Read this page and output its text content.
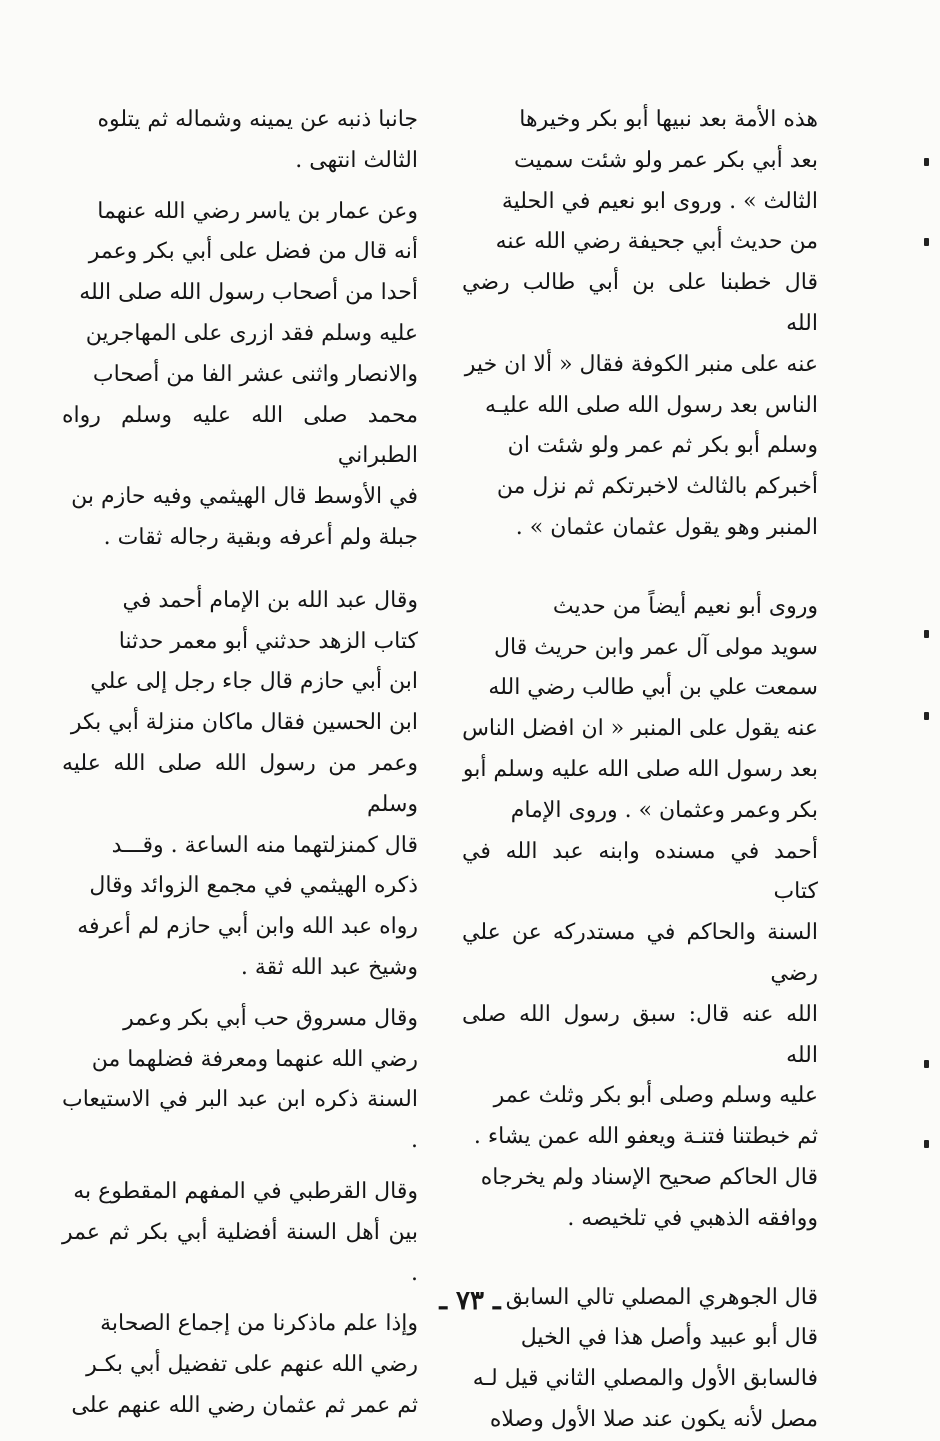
هذه الأمة بعد نبيها أبو بكر وخيرها
بعد أبي بكر عمر ولو شئت سميت
الثالث » . وروى ابو نعيم في الحلية
من حديث أبي جحيفة رضي الله عنه
قال خطبنا على بن أبي طالب رضي الله
عنه على منبر الكوفة فقال « ألا ان خير
الناس بعد رسول الله صلى الله عليـه
وسلم أبو بكر ثم عمر ولو شئت ان
أخبركم بالثالث لاخبرتكم ثم نزل من
المنبر وهو يقول عثمان عثمان » .

وروى أبو نعيم أيضاً من حديث
سويد مولى آل عمر وابن حريث قال
سمعت علي بن أبي طالب رضي الله
عنه يقول على المنبر « ان افضل الناس
بعد رسول الله صلى الله عليه وسلم أبو
بكر وعمر وعثمان » . وروى الإمام
أحمد في مسنده وابنه عبد الله في كتاب
السنة والحاكم في مستدركه عن علي رضي
الله عنه قال: سبق رسول الله صلى الله
عليه وسلم وصلى أبو بكر وثلث عمر
ثم خبطتنا فتنـة ويعفو الله عمن يشاء .
قال الحاكم صحيح الإسناد ولم يخرجاه
ووافقه الذهبي في تلخيصه .

قال الجوهري المصلي تالي السابق
قال أبو عبيد وأصل هذا في الخيل
فالسابق الأول والمصلي الثاني قيل لـه
مصل لأنه يكون عند صلا الأول وصلاه

جانبا ذنبه عن يمينه وشماله ثم يتلوه
الثالث انتهى .

وعن عمار بن ياسر رضي الله عنهما
أنه قال من فضل على أبي بكر وعمر
أحدا من أصحاب رسول الله صلى الله
عليه وسلم فقد ازرى على المهاجرين
والانصار واثنى عشر الفا من أصحاب
محمد صلى الله عليه وسلم رواه الطبراني
في الأوسط قال الهيثمي وفيه حازم بن
جبلة ولم أعرفه وبقية رجاله ثقات .

وقال عبد الله بن الإمام أحمد في
كتاب الزهد حدثني أبو معمر حدثنا
ابن أبي حازم قال جاء رجل إلى علي
ابن الحسين فقال ماكان منزلة أبي بكر
وعمر من رسول الله صلى الله عليه وسلم
قال كمنزلتهما منه الساعة . وقـــد
ذكره الهيثمي في مجمع الزوائد وقال
رواه عبد الله وابن أبي حازم لم أعرفه
وشيخ عبد الله ثقة .

وقال مسروق حب أبي بكر وعمر
رضي الله عنهما ومعرفة فضلهما من
السنة ذكره ابن عبد البر في الاستيعاب .

وقال القرطبي في المفهم المقطوع به
بين أهل السنة أفضلية أبي بكر ثم عمر .

وإذا علم ماذكرنا من إجماع الصحابة
رضي الله عنهم على تفضيل أبي بكـر
ثم عمر ثم عثمان رضي الله عنهم على

ـ ٧٣ ـ
